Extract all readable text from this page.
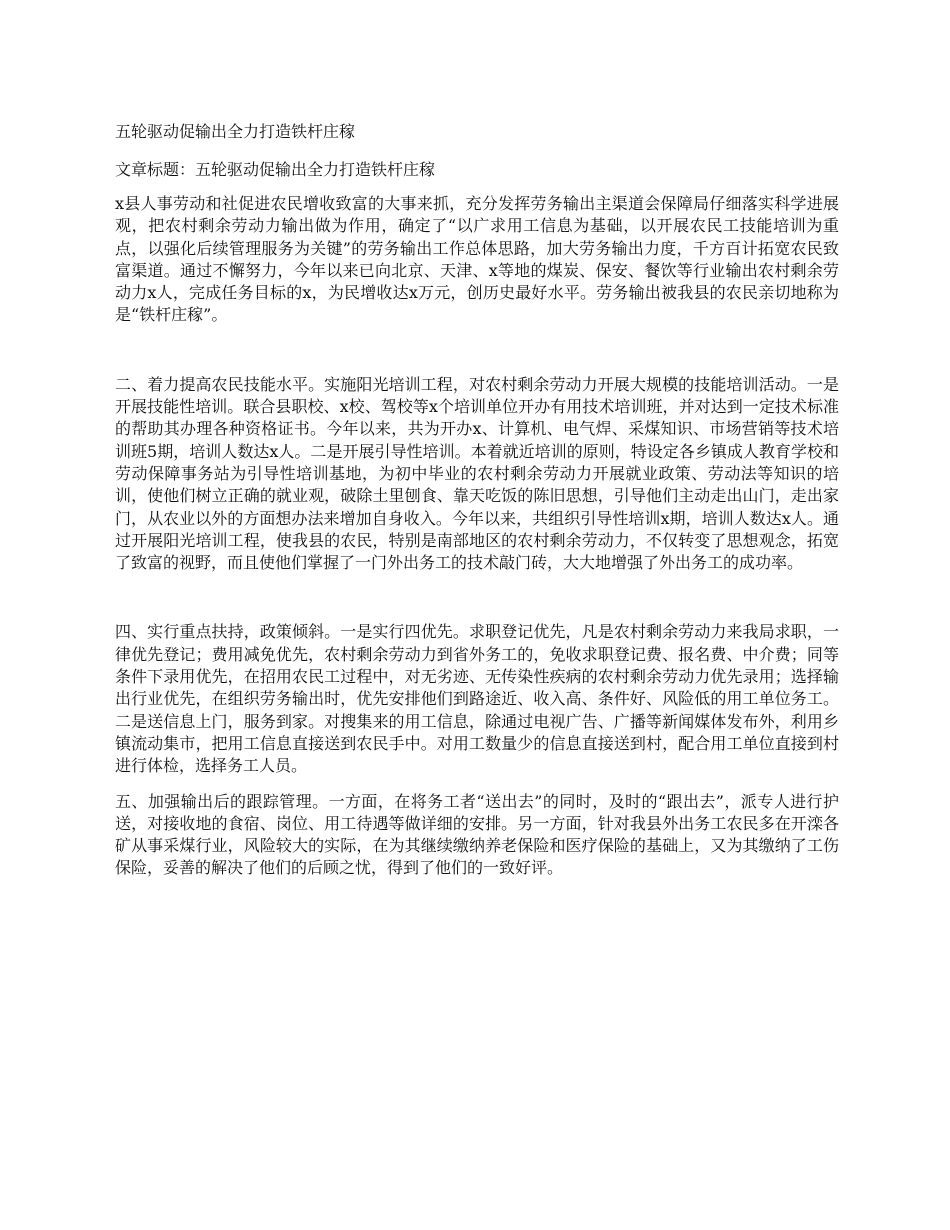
五轮驱动促输出全力打造铁杆庄稼
文章标题：五轮驱动促输出全力打造铁杆庄稼

x县人事劳动和社促进农民增收致富的大事来抓，充分发挥劳务输出主渠道会保障局仔细落实科学进展观，把农村剩余劳动力输出做为作用，确定了“以广求用工信息为基础，以开展农民工技能培训为重点，以强化后续管理服务为关键”的劳务输出工作总体思路，加大劳务输出力度，千方百计拓宽农民致富渠道。通过不懈努力，今年以来已向北京、天津、x等地的煤炭、保安、餐饮等行业输出农村剩余劳动力x人，完成任务目标的x，为民增收达x万元，创历史最好水平。劳务输出被我县的农民亲切地称为是“铁杆庄稼”。

二、着力提高农民技能水平。实施阳光培训工程，对农村剩余劳动力开展大规模的技能培训活动。一是开展技能性培训。联合县职校、x校、驾校等x个培训单位开办有用技术培训班，并对达到一定技术标准的帮助其办理各种资格证书。今年以来，共为开办x、计算机、电气焊、采煤知识、市场营销等技术培训班5期，培训人数达x人。二是开展引导性培训。本着就近培训的原则，特设定各乡镇成人教育学校和劳动保障事务站为引导性培训基地，为初中毕业的农村剩余劳动力开展就业政策、劳动法等知识的培训，使他们树立正确的就业观，破除土里刨食、靠天吃饭的陈旧思想，引导他们主动走出山门，走出家门，从农业以外的方面想办法来增加自身收入。今年以来，共组织引导性培训x期，培训人数达x人。通过开展阳光培训工程，使我县的农民，特别是南部地区的农村剩余劳动力，不仅转变了思想观念，拓宽了致富的视野，而且使他们掌握了一门外出务工的技术敲门砖，大大地增强了外出务工的成功率。

四、实行重点扶持，政策倾斜。一是实行四优先。求职登记优先，凡是农村剩余劳动力来我局求职，一律优先登记；费用减免优先，农村剩余劳动力到省外务工的，免收求职登记费、报名费、中介费；同等条件下录用优先，在招用农民工过程中，对无劣迹、无传染性疾病的农村剩余劳动力优先录用；选择输出行业优先，在组织劳务输出时，优先安排他们到路途近、收入高、条件好、风险低的用工单位务工。二是送信息上门，服务到家。对搜集来的用工信息，除通过电视广告、广播等新闻媒体发布外，利用乡镇流动集市，把用工信息直接送到农民手中。对用工数量少的信息直接送到村，配合用工单位直接到村进行体检，选择务工人员。

五、加强输出后的跟踪管理。一方面，在将务工者“送出去”的同时，及时的“跟出去”，派专人进行护送，对接收地的食宿、岗位、用工待遇等做详细的安排。另一方面，针对我县外出务工农民多在开滦各矿从事采煤行业，风险较大的实际，在为其继续缴纳养老保险和医疗保险的基础上，又为其缴纳了工伤保险，妥善的解决了他们的后顾之忧，得到了他们的一致好评。
